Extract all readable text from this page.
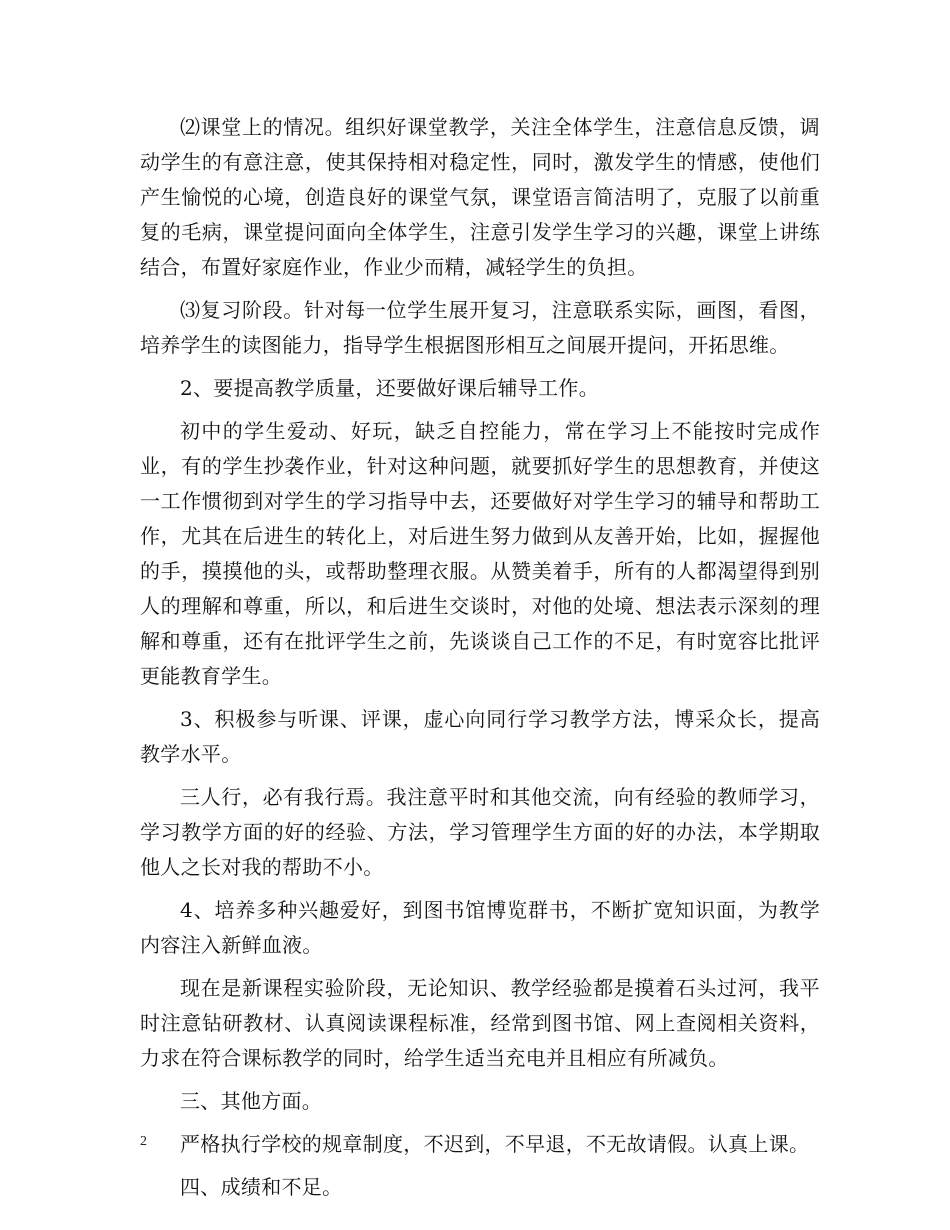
⑵课堂上的情况。组织好课堂教学，关注全体学生，注意信息反馈，调动学生的有意注意，使其保持相对稳定性，同时，激发学生的情感，使他们产生愉悦的心境，创造良好的课堂气氛，课堂语言简洁明了，克服了以前重复的毛病，课堂提问面向全体学生，注意引发学生学习的兴趣，课堂上讲练结合，布置好家庭作业，作业少而精，减轻学生的负担。

⑶复习阶段。针对每一位学生展开复习，注意联系实际，画图，看图，培养学生的读图能力，指导学生根据图形相互之间展开提问，开拓思维。

2、要提高教学质量，还要做好课后辅导工作。

初中的学生爱动、好玩，缺乏自控能力，常在学习上不能按时完成作业，有的学生抄袭作业，针对这种问题，就要抓好学生的思想教育，并使这一工作惯彻到对学生的学习指导中去，还要做好对学生学习的辅导和帮助工作，尤其在后进生的转化上，对后进生努力做到从友善开始，比如，握握他的手，摸摸他的头，或帮助整理衣服。从赞美着手，所有的人都渴望得到别人的理解和尊重，所以，和后进生交谈时，对他的处境、想法表示深刻的理解和尊重，还有在批评学生之前，先谈谈自己工作的不足，有时宽容比批评更能教育学生。

3、积极参与听课、评课，虚心向同行学习教学方法，博采众长，提高教学水平。

三人行，必有我行焉。我注意平时和其他交流，向有经验的教师学习，学习教学方面的好的经验、方法，学习管理学生方面的好的办法，本学期取他人之长对我的帮助不小。

4、培养多种兴趣爱好，到图书馆博览群书，不断扩宽知识面，为教学内容注入新鲜血液。

现在是新课程实验阶段，无论知识、教学经验都是摸着石头过河，我平时注意钻研教材、认真阅读课程标准，经常到图书馆、网上查阅相关资料，力求在符合课标教学的同时，给学生适当充电并且相应有所减负。

三、其他方面。

严格执行学校的规章制度，不迟到，不早退，不无故请假。认真上课。

四、成绩和不足。

2
